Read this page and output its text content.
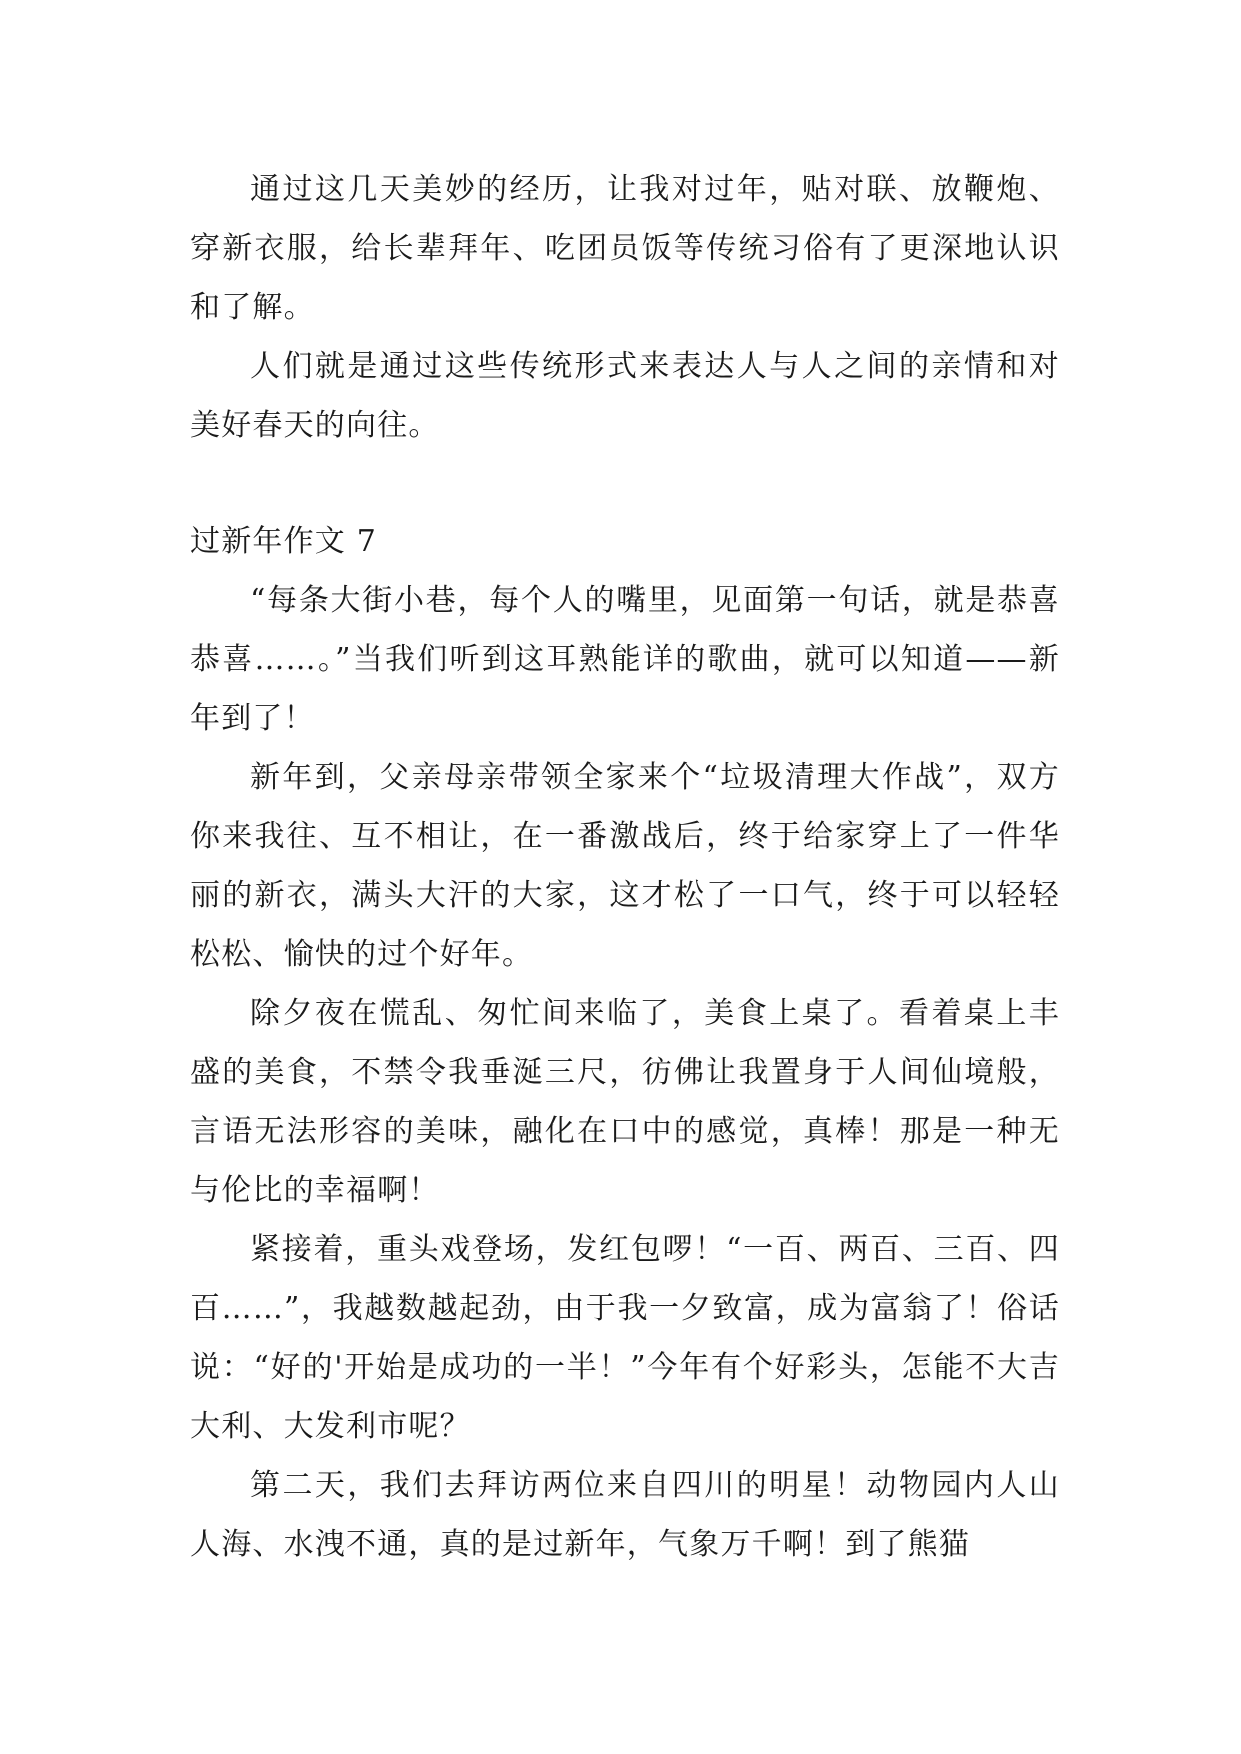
通过这几天美妙的经历，让我对过年，贴对联、放鞭炮、穿新衣服，给长辈拜年、吃团员饭等传统习俗有了更深地认识和了解。

人们就是通过这些传统形式来表达人与人之间的亲情和对美好春天的向往。

过新年作文 7

“每条大街小巷，每个人的嘴里，见面第一句话，就是恭喜恭喜……。”当我们听到这耳熟能详的歌曲，就可以知道——新年到了！

新年到，父亲母亲带领全家来个“垃圾清理大作战”，双方你来我往、互不相让，在一番激战后，终于给家穿上了一件华丽的新衣，满头大汗的大家，这才松了一口气，终于可以轻轻松松、愉快的过个好年。

除夕夜在慌乱、匆忙间来临了，美食上桌了。看着桌上丰盛的美食，不禁令我垂涎三尺，彷佛让我置身于人间仙境般，言语无法形容的美味，融化在口中的感觉，真棒！那是一种无与伦比的幸福啊！

紧接着，重头戏登场，发红包啰！“一百、两百、三百、四百……”，我越数越起劲，由于我一夕致富，成为富翁了！俗话说：“好的'开始是成功的一半！”今年有个好彩头，怎能不大吉大利、大发利市呢？

第二天，我们去拜访两位来自四川的明星！动物园内人山人海、水洩不通，真的是过新年，气象万千啊！到了熊猫
